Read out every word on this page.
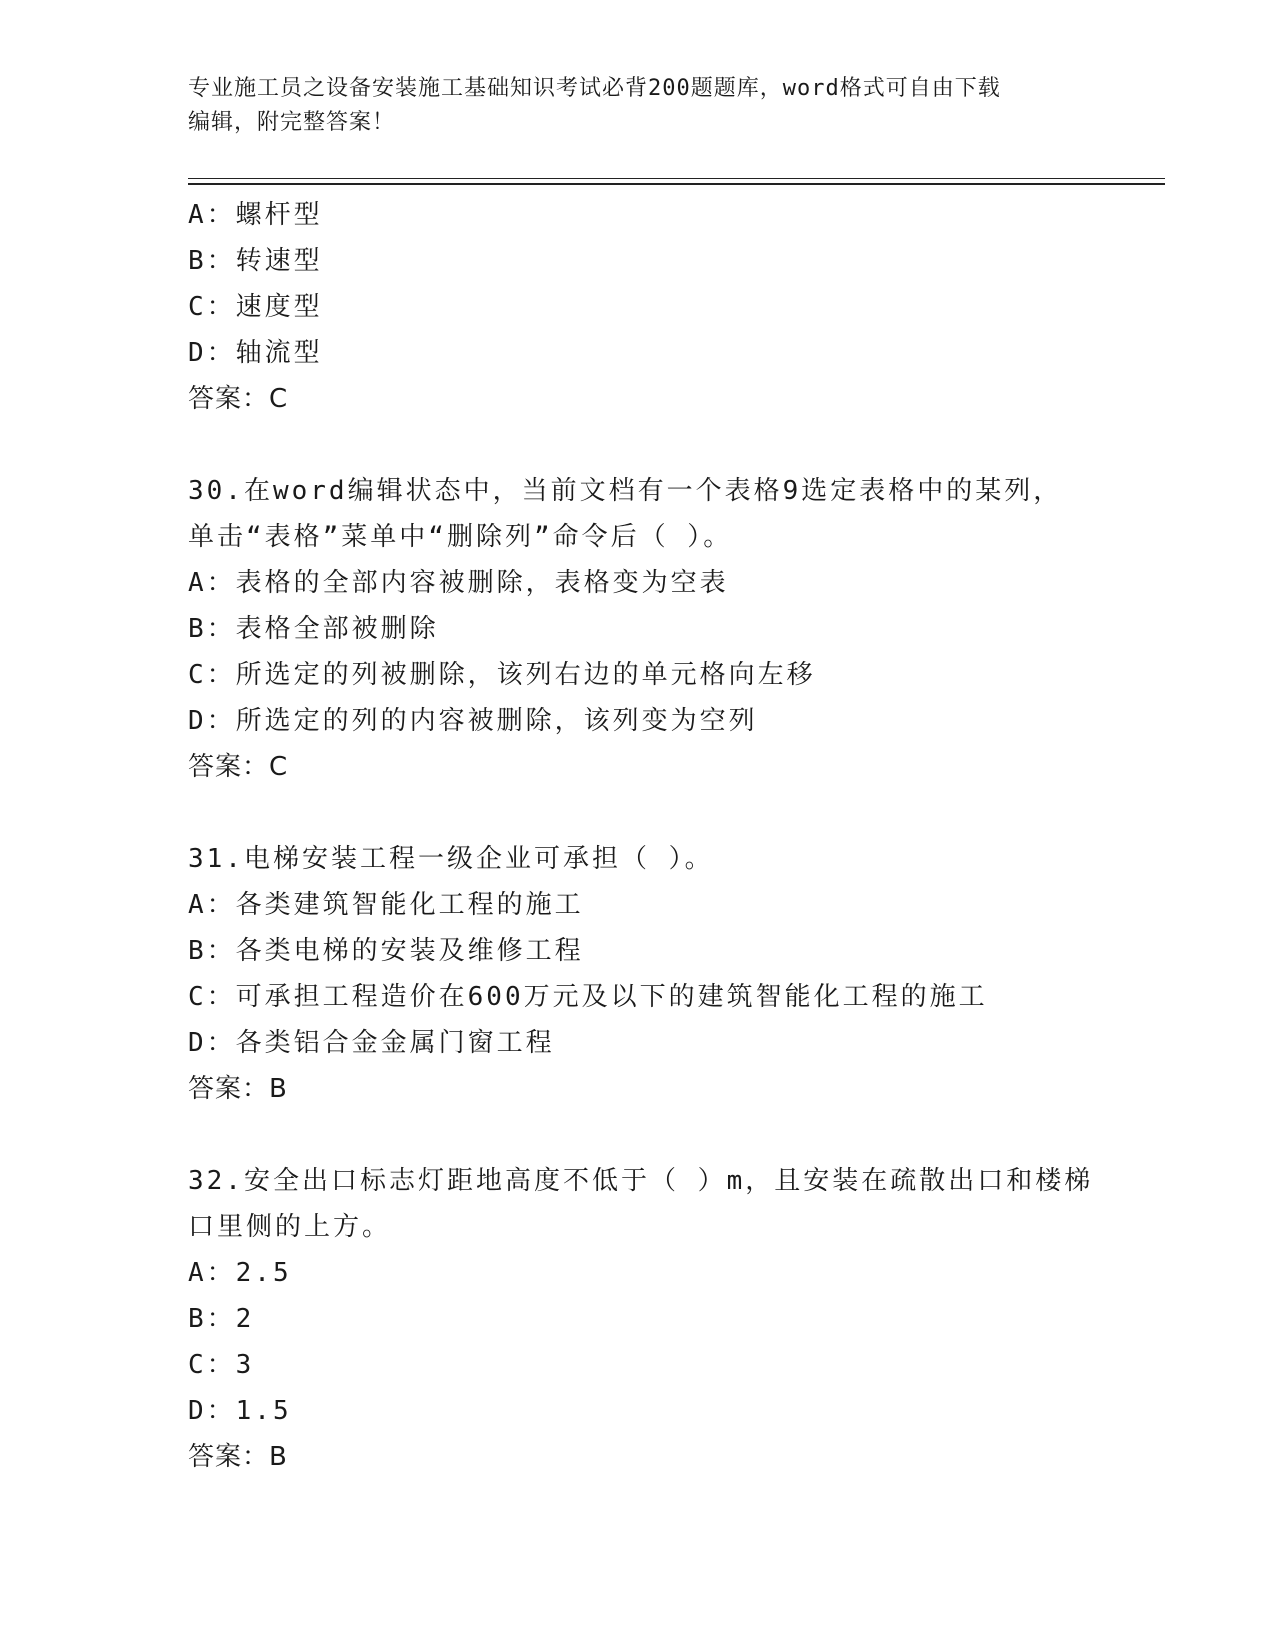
专业施工员之设备安装施工基础知识考试必背200题题库，word格式可自由下载
编辑，附完整答案！
A：螺杆型
B：转速型
C：速度型
D：轴流型
答案：C
30.在word编辑状态中，当前文档有一个表格9选定表格中的某列，
单击“表格”菜单中“删除列”命令后（ ）。
A：表格的全部内容被删除，表格变为空表
B：表格全部被删除
C：所选定的列被删除，该列右边的单元格向左移
D：所选定的列的内容被删除，该列变为空列
答案：C
31.电梯安装工程一级企业可承担（ ）。
A：各类建筑智能化工程的施工
B：各类电梯的安装及维修工程
C：可承担工程造价在600万元及以下的建筑智能化工程的施工
D：各类铝合金金属门窗工程
答案：B
32.安全出口标志灯距地高度不低于（ ）m，且安装在疏散出口和楼梯
口里侧的上方。
A：2.5
B：2
C：3
D：1.5
答案：B
